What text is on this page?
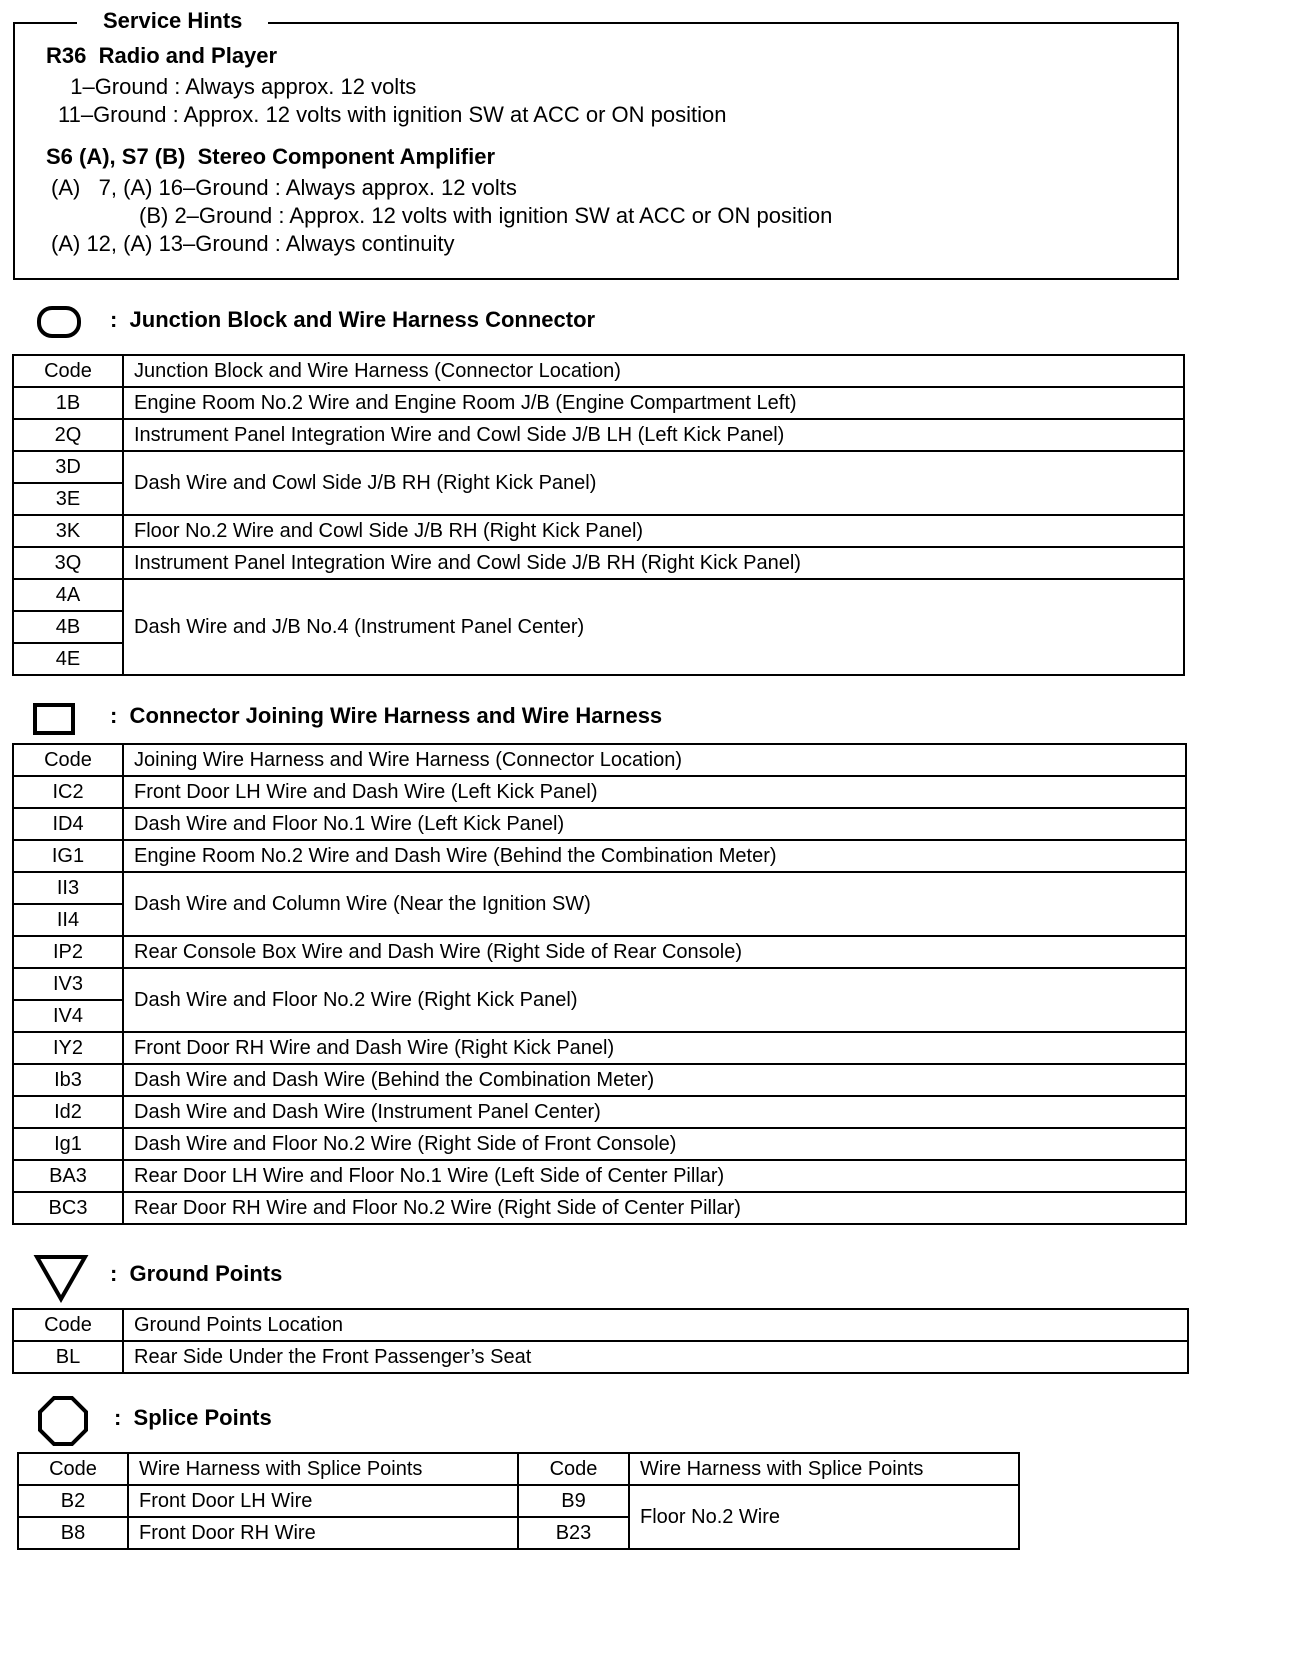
Service Hints
R36  Radio and Player
1–Ground : Always approx. 12 volts
11–Ground : Approx. 12 volts with ignition SW at ACC or ON position
S6 (A), S7 (B)  Stereo Component Amplifier
(A)   7, (A) 16–Ground : Always approx. 12 volts
(B) 2–Ground : Approx. 12 volts with ignition SW at ACC or ON position
(A) 12, (A) 13–Ground : Always continuity
:  Junction Block and Wire Harness Connector
Code	Junction Block and Wire Harness (Connector Location)
1B	Engine Room No.2 Wire and Engine Room J/B (Engine Compartment Left)
2Q	Instrument Panel Integration Wire and Cowl Side J/B LH (Left Kick Panel)
3D	Dash Wire and Cowl Side J/B RH (Right Kick Panel)
3E	
3K	Floor No.2 Wire and Cowl Side J/B RH (Right Kick Panel)
3Q	Instrument Panel Integration Wire and Cowl Side J/B RH (Right Kick Panel)
4A	Dash Wire and J/B No.4 (Instrument Panel Center)
4B	
4E	
:  Connector Joining Wire Harness and Wire Harness
Code	Joining Wire Harness and Wire Harness (Connector Location)
IC2	Front Door LH Wire and Dash Wire (Left Kick Panel)
ID4	Dash Wire and Floor No.1 Wire (Left Kick Panel)
IG1	Engine Room No.2 Wire and Dash Wire (Behind the Combination Meter)
II3	Dash Wire and Column Wire (Near the Ignition SW)
II4	
IP2	Rear Console Box Wire and Dash Wire (Right Side of Rear Console)
IV3	Dash Wire and Floor No.2 Wire (Right Kick Panel)
IV4	
IY2	Front Door RH Wire and Dash Wire (Right Kick Panel)
Ib3	Dash Wire and Dash Wire (Behind the Combination Meter)
Id2	Dash Wire and Dash Wire (Instrument Panel Center)
Ig1	Dash Wire and Floor No.2 Wire (Right Side of Front Console)
BA3	Rear Door LH Wire and Floor No.1 Wire (Left Side of Center Pillar)
BC3	Rear Door RH Wire and Floor No.2 Wire (Right Side of Center Pillar)
:  Ground Points
Code	Ground Points Location
BL	Rear Side Under the Front Passenger’s Seat
:  Splice Points
Code	Wire Harness with Splice Points	Code	Wire Harness with Splice Points
B2	Front Door LH Wire	B9	Floor No.2 Wire
B8	Front Door RH Wire	B23	
